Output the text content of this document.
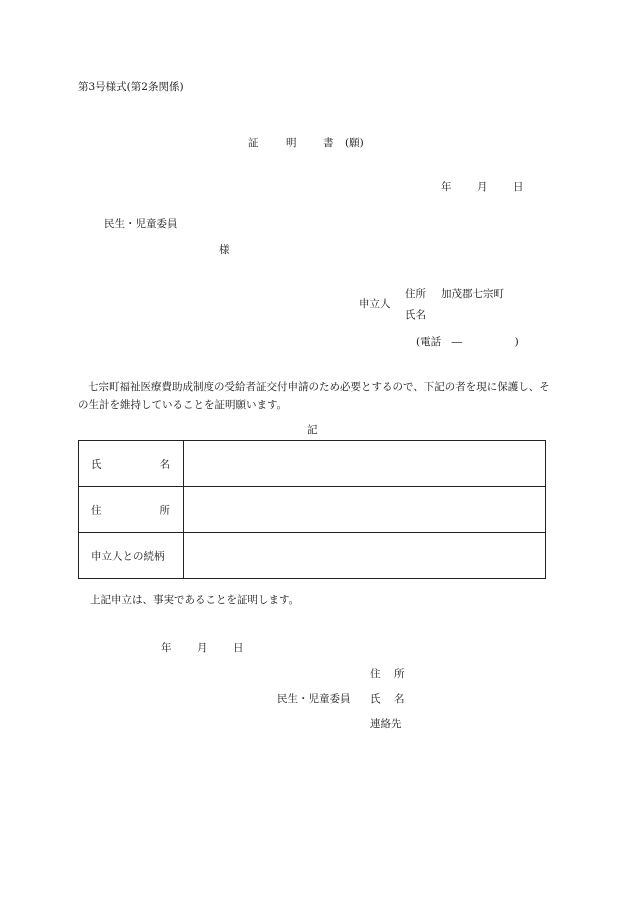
第3号様式(第2条関係)
証	明	書 (願)
年 月 日
民生・児童委員
様
申立人
住所 加茂郡七宗町
氏名
(電話　―　　　　　)
七宗町福祉医療費助成制度の受給者証交付申請のため必要とするので、下記の者を現に保護し、その生計を維持していることを証明願います。
記
氏 名	

住 所	

申立人との続柄	

上記申立は、事実であることを証明します。
年 月 日
住 所
民生・児童委員 氏 名
連絡先
